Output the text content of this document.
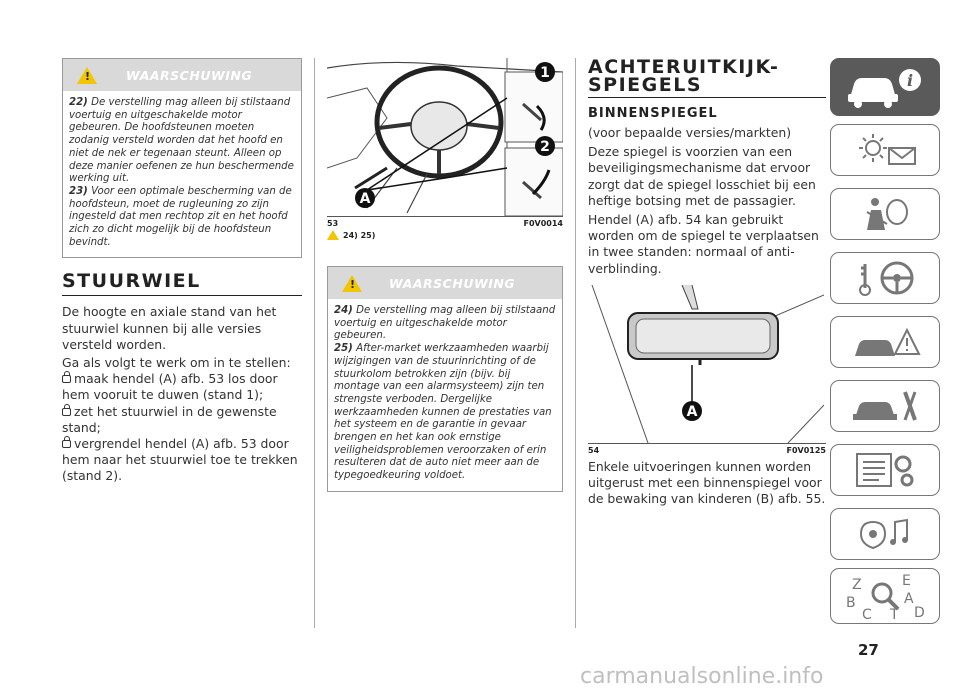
!	WAARSCHUWING

22) De verstelling mag alleen bij stilstaand voertuig en uitgeschakelde motor gebeuren. De hoofdsteunen moeten zodanig versteld worden dat het hoofd en niet de nek er tegenaan steunt. Alleen op deze manier oefenen ze hun beschermende werking uit.

23) Voor een optimale bescherming van de hoofdsteun, moet de rugleuning zo zijn ingesteld dat men rechtop zit en het hoofd zich zo dicht mogelijk bij de hoofdsteun bevindt.

STUURWIEL

De hoogte en axiale stand van het stuurwiel kunnen bij alle versies versteld worden.

Ga als volgt te werk om in te stellen:

maak hendel (A) afb. 53 los door hem vooruit te duwen (stand 1);

zet het stuurwiel in de gewenste stand;

vergrendel hendel (A) afb. 53 door hem naar het stuurwiel toe te trekken (stand 2).

1
2
A
53	F0V0014
24) 25)
!	WAARSCHUWING

24) De verstelling mag alleen bij stilstaand voertuig en uitgeschakelde motor gebeuren.

25) After-market werkzaamheden waarbij wijzigingen van de stuurinrichting of de stuurkolom betrokken zijn (bijv. bij montage van een alarmsysteem) zijn ten strengste verboden. Dergelijke werkzaamheden kunnen de prestaties van het systeem en de garantie in gevaar brengen en het kan ook ernstige veiligheidsproblemen veroorzaken of erin resulteren dat de auto niet meer aan de typegoedkeuring voldoet.

ACHTERUITKIJK-
SPIEGELS
BINNENSPIEGEL

(voor bepaalde versies/markten)

Deze spiegel is voorzien van een beveiligingsmechanisme dat ervoor zorgt dat de spiegel losschiet bij een heftige botsing met de passagier.

Hendel (A) afb. 54 kan gebruikt worden om de spiegel te verplaatsen in twee standen: normaal of anti-verblinding.

A
54	F0V0125

Enkele uitvoeringen kunnen worden uitgerust met een binnenspiegel voor de bewaking van kinderen (B) afb. 55.

i
Z	E
B	A
C T D
27
carmanualsonline.info
